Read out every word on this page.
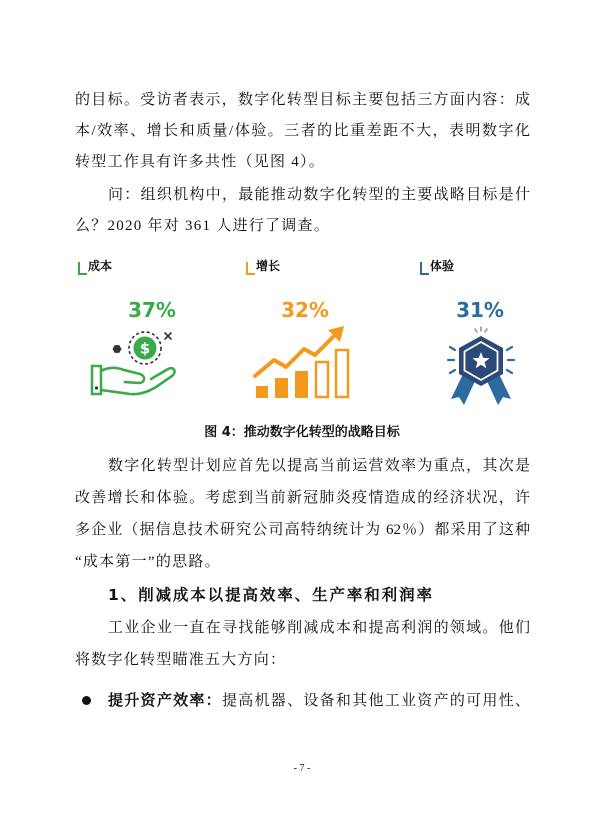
的目标。受访者表示，数字化转型目标主要包括三方面内容：成
本/效率、增长和质量/体验。三者的比重差距不大，表明数字化
转型工作具有许多共性（见图 4）。
问：组织机构中，最能推动数字化转型的主要战略目标是什
么？2020 年对 361 人进行了调查。
成本
37%
$
增长
32%
体验
31%
图 4：推动数字化转型的战略目标
数字化转型计划应首先以提高当前运营效率为重点，其次是
改善增长和体验。考虑到当前新冠肺炎疫情造成的经济状况，许
多企业（据信息技术研究公司高特纳统计为 62％）都采用了这种
“成本第一”的思路。
1、削减成本以提高效率、生产率和利润率
工业企业一直在寻找能够削减成本和提高利润的领域。他们
将数字化转型瞄准五大方向：
提升资产效率：提高机器、设备和其他工业资产的可用性、
- 7 -
